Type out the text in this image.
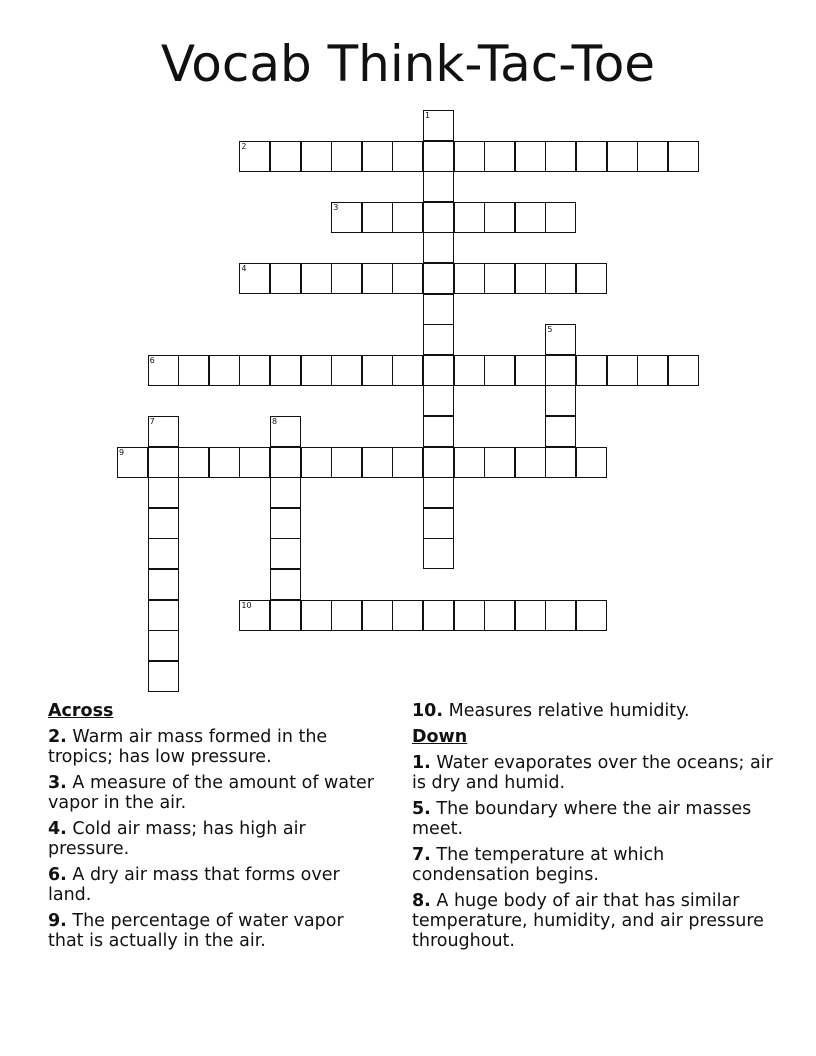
Vocab Think-Tac-Toe
1
2
3
4
5
6
7	8
9
10
Across
2. Warm air mass formed in the tropics; has low pressure.
3. A measure of the amount of water vapor in the air.
4. Cold air mass; has high air pressure.
6. A dry air mass that forms over land.
9. The percentage of water vapor that is actually in the air.
10. Measures relative humidity.
Down
1. Water evaporates over the oceans; air is dry and humid.
5. The boundary where the air masses meet.
7. The temperature at which condensation begins.
8. A huge body of air that has similar temperature, humidity, and air pressure throughout.
